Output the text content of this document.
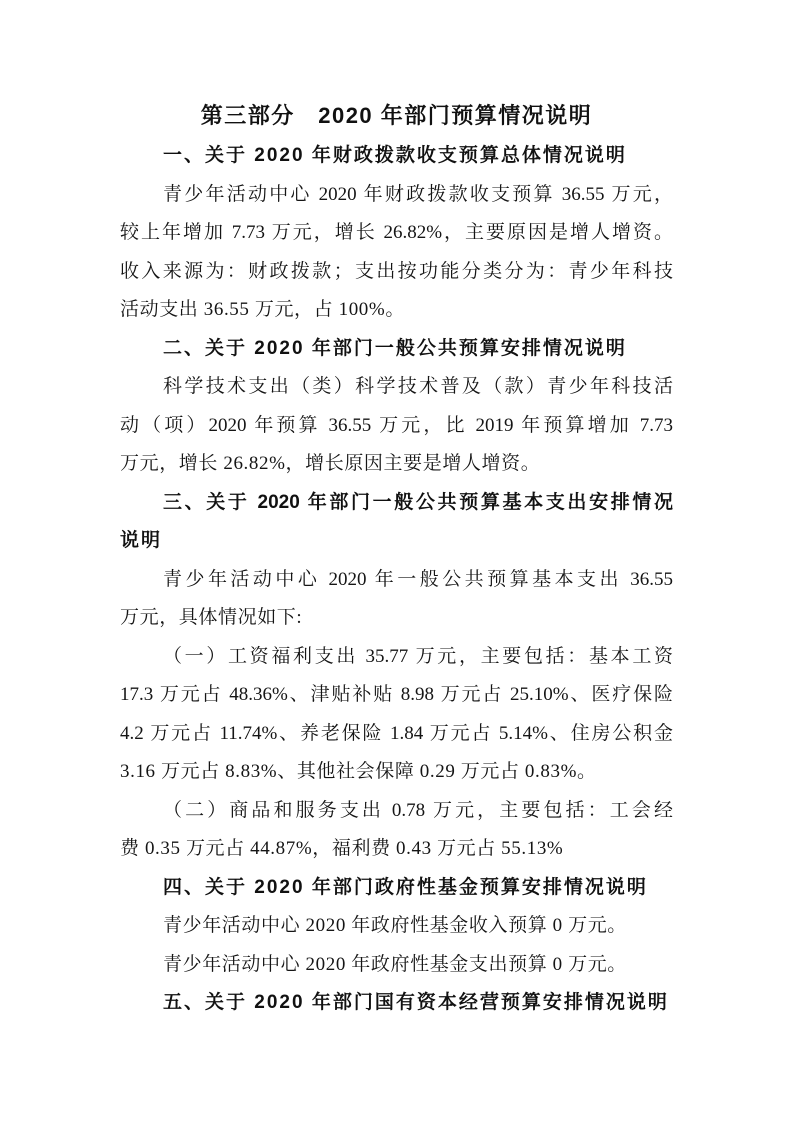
第三部分　2020 年部门预算情况说明
一、关于 2020 年财政拨款收支预算总体情况说明
青少年活动中心 2020 年财政拨款收支预算 36.55 万元，
较上年增加 7.73 万元，增长 26.82%，主要原因是增人增资。
收入来源为：财政拨款；支出按功能分类分为：青少年科技
活动支出 36.55 万元，占 100%。
二、关于 2020 年部门一般公共预算安排情况说明
科学技术支出（类）科学技术普及（款）青少年科技活
动（项）2020 年预算 36.55 万元，比 2019 年预算增加 7.73
万元，增长 26.82%，增长原因主要是增人增资。
三、关于 2020 年部门一般公共预算基本支出安排情况
说明
青少年活动中心 2020 年一般公共预算基本支出 36.55
万元，具体情况如下:
（一）工资福利支出 35.77 万元，主要包括：基本工资
17.3 万元占 48.36%、津贴补贴 8.98 万元占 25.10%、医疗保险
4.2 万元占 11.74%、养老保险 1.84 万元占 5.14%、住房公积金
3.16 万元占 8.83%、其他社会保障 0.29 万元占 0.83%。
（二）商品和服务支出 0.78 万元，主要包括：工会经
费 0.35 万元占 44.87%，福利费 0.43 万元占 55.13%
四、关于 2020 年部门政府性基金预算安排情况说明
青少年活动中心 2020 年政府性基金收入预算 0 万元。
青少年活动中心 2020 年政府性基金支出预算 0 万元。
五、关于 2020 年部门国有资本经营预算安排情况说明
